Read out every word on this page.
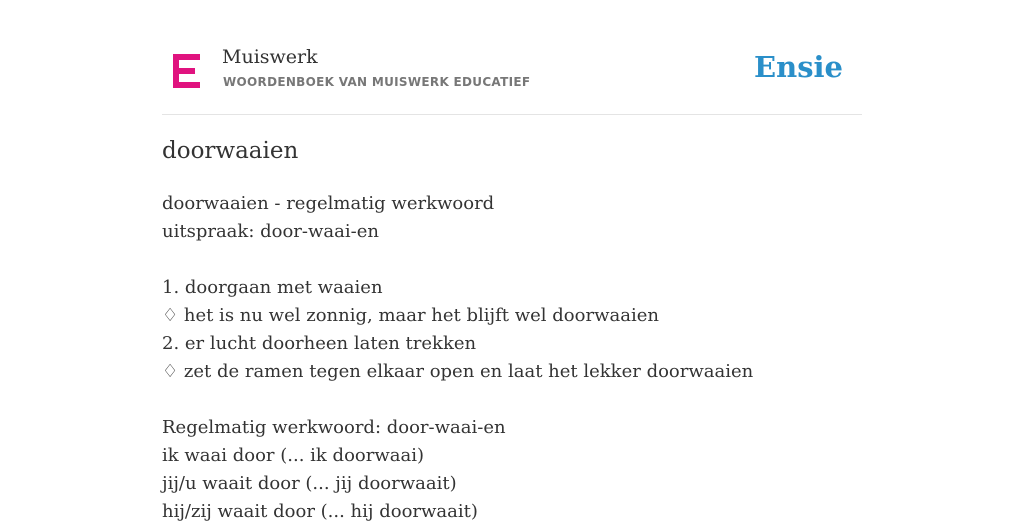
Muiswerk
WOORDENBOEK VAN MUISWERK EDUCATIEF	Ensie
doorwaaien
doorwaaien - regelmatig werkwoord
uitspraak: door-waai-en
1. doorgaan met waaien
♢ het is nu wel zonnig, maar het blijft wel doorwaaien
2. er lucht doorheen laten trekken
♢ zet de ramen tegen elkaar open en laat het lekker doorwaaien
Regelmatig werkwoord: door-waai-en
ik waai door (... ik doorwaai)
jij/u waait door (... jij doorwaait)
hij/zij waait door (... hij doorwaait)
